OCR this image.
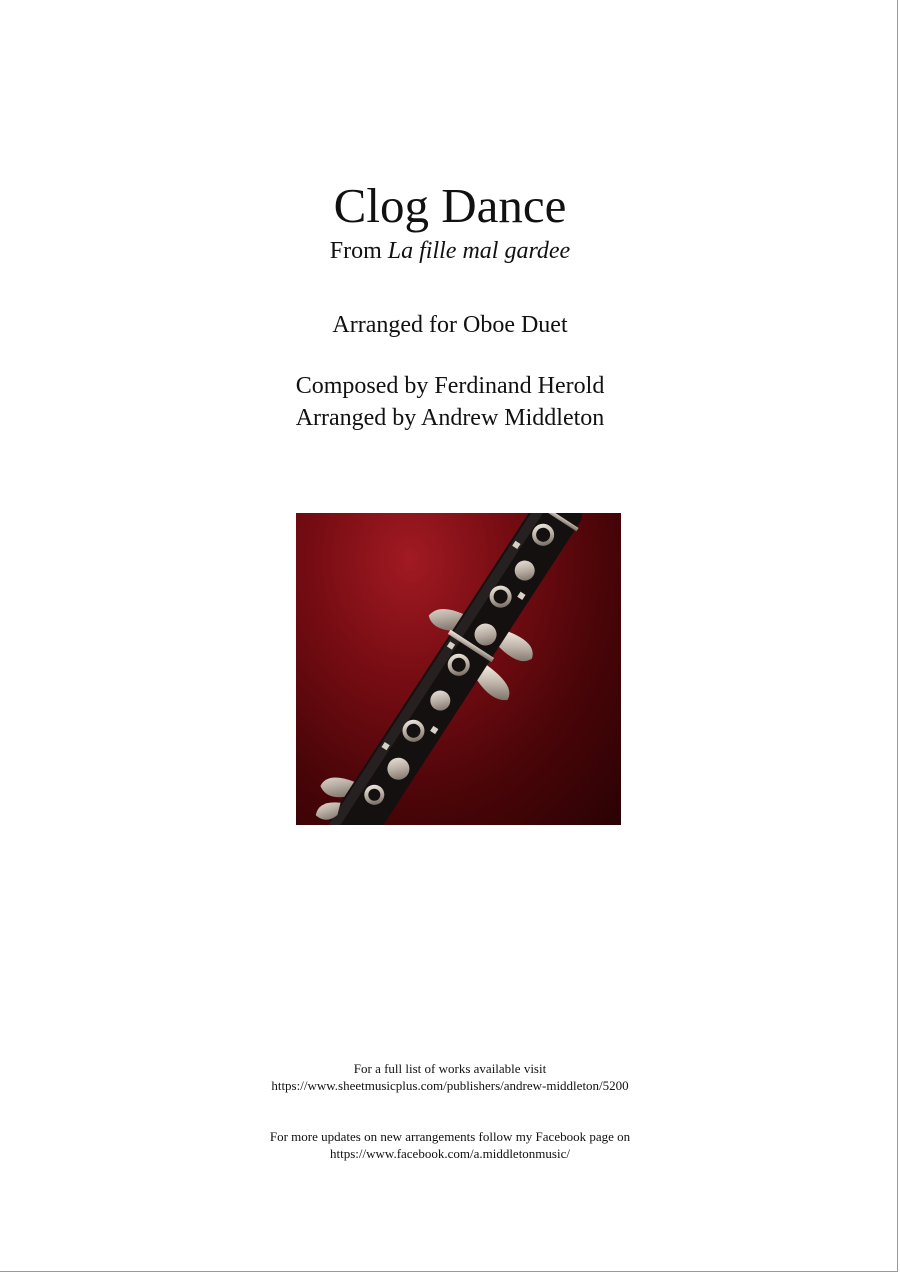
Clog Dance
From La fille mal gardee
Arranged for Oboe Duet
Composed by Ferdinand Herold
Arranged by Andrew Middleton
For a full list of works available visit
https://www.sheetmusicplus.com/publishers/andrew-middleton/5200
For more updates on new arrangements follow my Facebook page on
https://www.facebook.com/a.middletonmusic/
